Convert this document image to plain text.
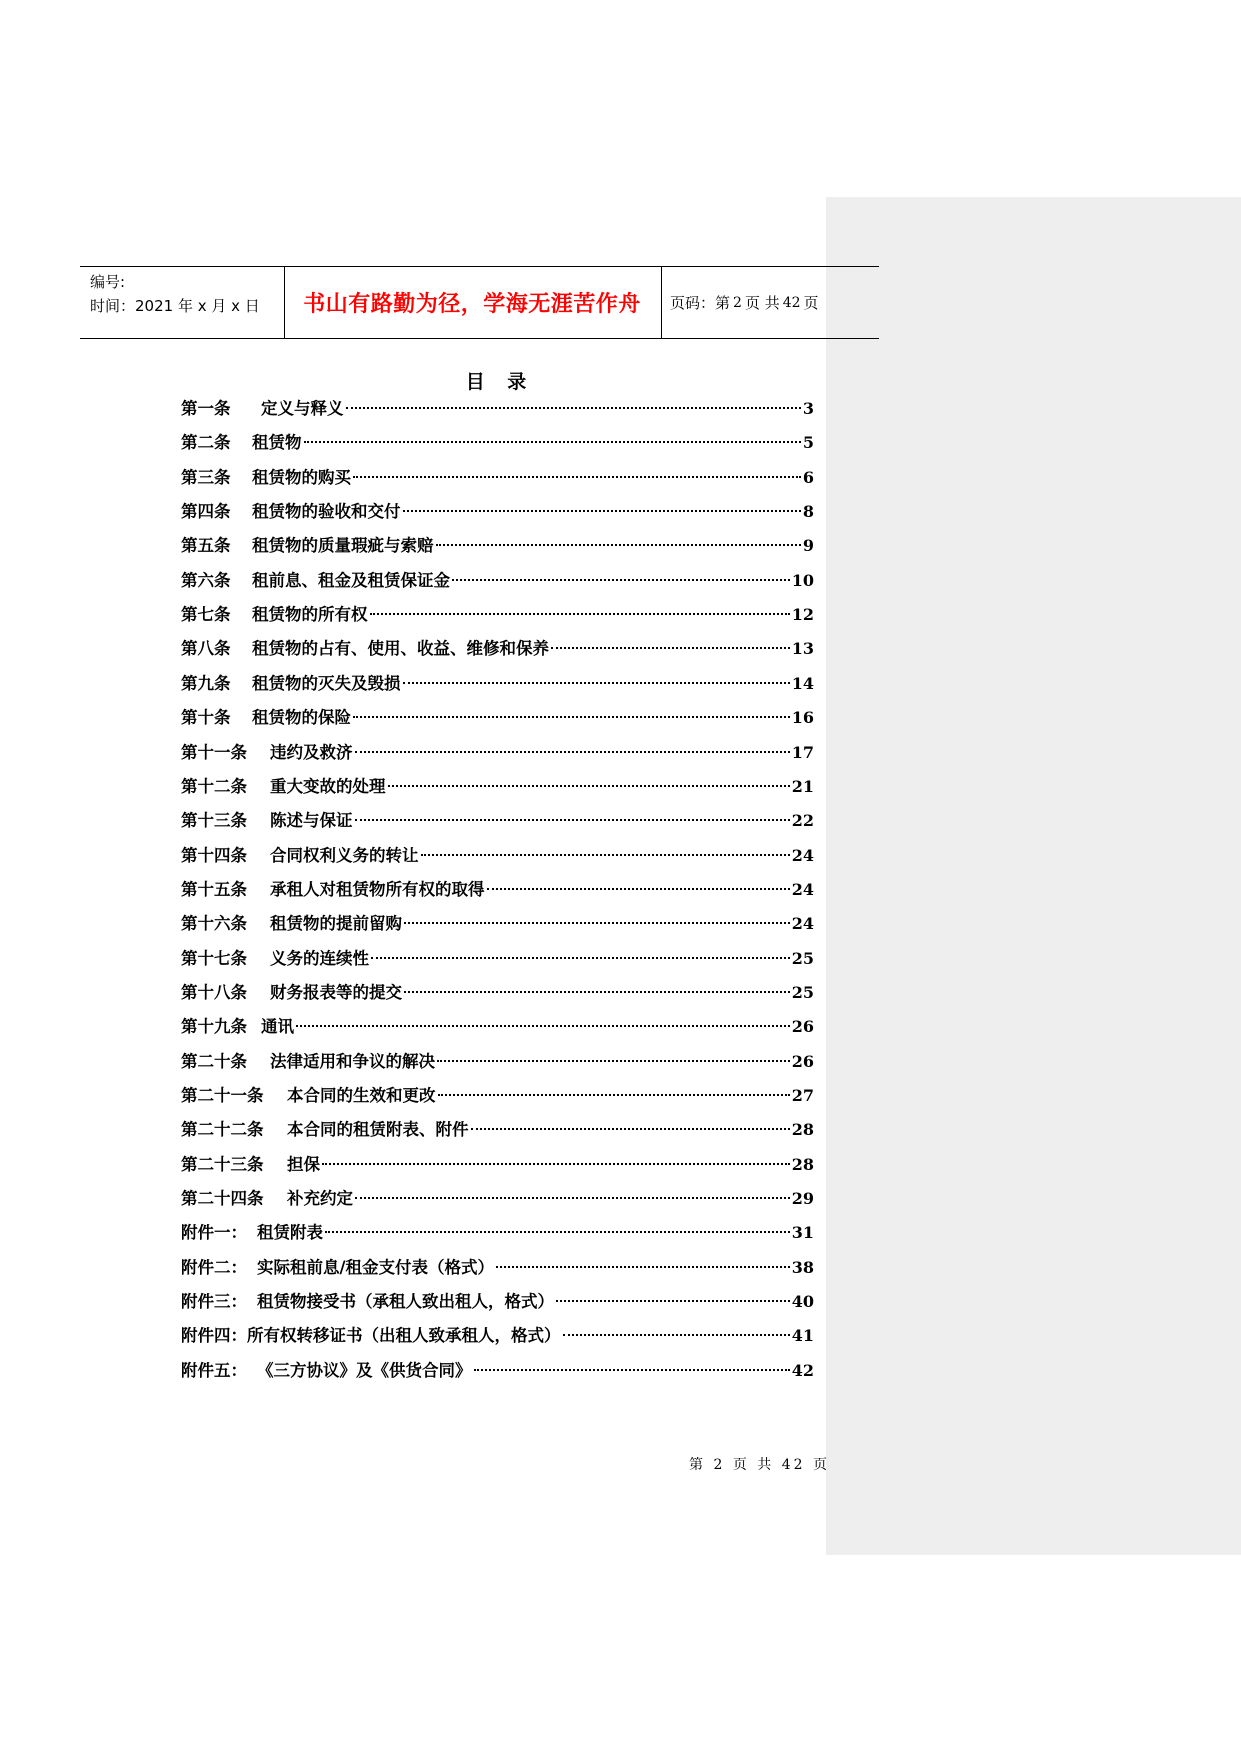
编号:
时间：2021 年 x 月 x 日	书山有路勤为径，学海无涯苦作舟	页码：第 2 页 共 42 页
目 录
第一条	定义与释义	3
第二条	租赁物	5
第三条	租赁物的购买	6
第四条	租赁物的验收和交付	8
第五条	租赁物的质量瑕疵与索赔	9
第六条	租前息、租金及租赁保证金	10
第七条	租赁物的所有权	12
第八条	租赁物的占有、使用、收益、维修和保养	13
第九条	租赁物的灭失及毁损	14
第十条	租赁物的保险	16
第十一条	违约及救济	17
第十二条	重大变故的处理	21
第十三条	陈述与保证	22
第十四条	合同权利义务的转让	24
第十五条	承租人对租赁物所有权的取得	24
第十六条	租赁物的提前留购	24
第十七条	义务的连续性	25
第十八条	财务报表等的提交	25
第十九条 通讯	26
第二十条	法律适用和争议的解决	26
第二十一条	本合同的生效和更改	27
第二十二条	本合同的租赁附表、附件	28
第二十三条	担保	28
第二十四条	补充约定	29
附件一： 租赁附表	31
附件二： 实际租前息/租金支付表（格式）	38
附件三： 租赁物接受书（承租人致出租人，格式）	40
附件四： 所有权转移证书（出租人致承租人，格式）	41
附件五： 《三方协议》及《供货合同》	42
第 2 页 共 42 页
